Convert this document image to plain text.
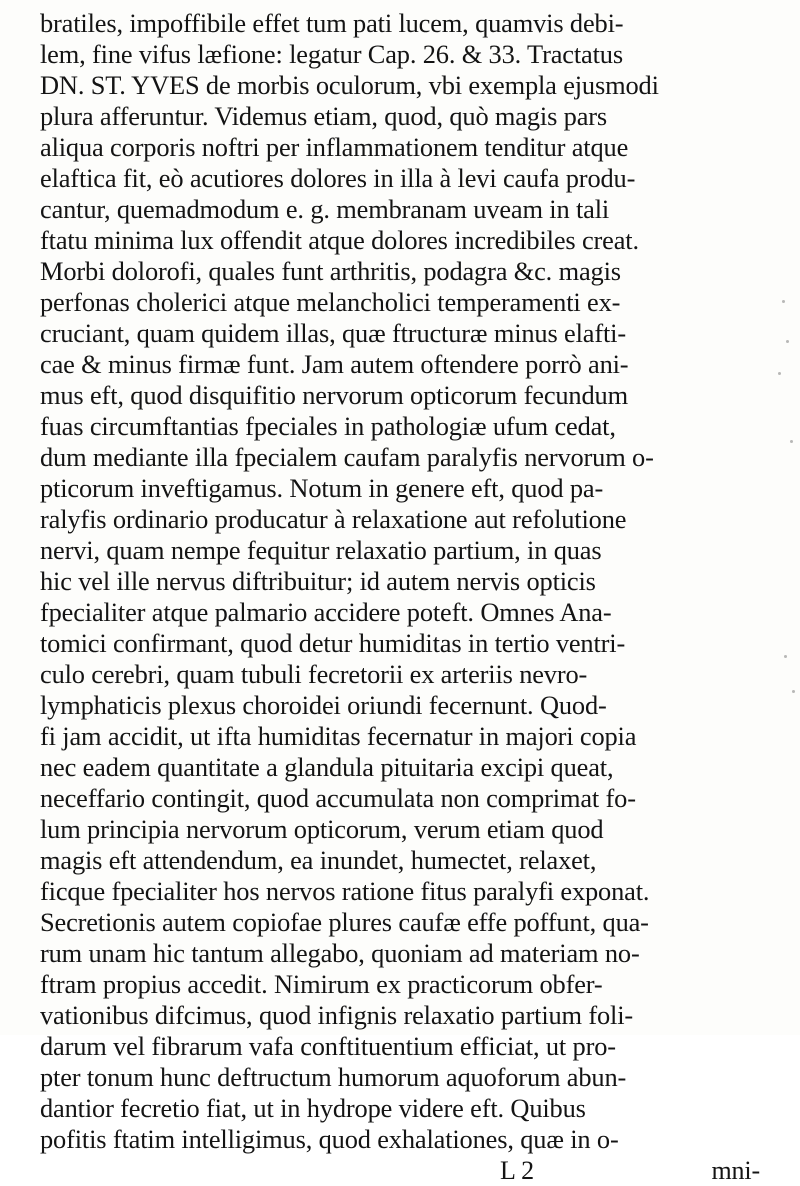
bratiles, impoffibile effet tum pati lucem, quamvis debi-
lem, fine vifus læfione: legatur Cap. 26. & 33. Tractatus
DN. ST. YVES de morbis oculorum, vbi exempla ejusmodi
plura afferuntur. Videmus etiam, quod, quò magis pars
aliqua corporis noftri per inflammationem tenditur atque
elaftica fit, eò acutiores dolores in illa à levi caufa produ-
cantur, quemadmodum e. g. membranam uveam in tali
ftatu minima lux offendit atque dolores incredibiles creat.
Morbi dolorofi, quales funt arthritis, podagra &c. magis
perfonas cholerici atque melancholici temperamenti ex-
cruciant, quam quidem illas, quæ ftructuræ minus elafti-
cae & minus firmæ funt. Jam autem oftendere porrò ani-
mus eft, quod disquifitio nervorum opticorum fecundum
fuas circumftantias fpeciales in pathologiæ ufum cedat,
dum mediante illa fpecialem caufam paralyfis nervorum o-
pticorum inveftigamus. Notum in genere eft, quod pa-
ralyfis ordinario producatur à relaxatione aut refolutione
nervi, quam nempe fequitur relaxatio partium, in quas
hic vel ille nervus diftribuitur; id autem nervis opticis
fpecialiter atque palmario accidere poteft. Omnes Ana-
tomici confirmant, quod detur humiditas in tertio ventri-
culo cerebri, quam tubuli fecretorii ex arteriis nevro-
lymphaticis plexus choroidei oriundi fecernunt. Quod-
fi jam accidit, ut ifta humiditas fecernatur in majori copia
nec eadem quantitate a glandula pituitaria excipi queat,
neceffario contingit, quod accumulata non comprimat fo-
lum principia nervorum opticorum, verum etiam quod
magis eft attendendum, ea inundet, humectet, relaxet,
ficque fpecialiter hos nervos ratione fitus paralyfi exponat.
Secretionis autem copiofae plures caufæ effe poffunt, qua-
rum unam hic tantum allegabo, quoniam ad materiam no-
ftram propius accedit. Nimirum ex practicorum obfer-
vationibus difcimus, quod infignis relaxatio partium foli-
darum vel fibrarum vafa conftituentium efficiat, ut pro-
pter tonum hunc deftructum humorum aquoforum abun-
dantior fecretio fiat, ut in hydrope videre eft. Quibus
pofitis ftatim intelligimus, quod exhalationes, quæ in o-
L 2	mni-
